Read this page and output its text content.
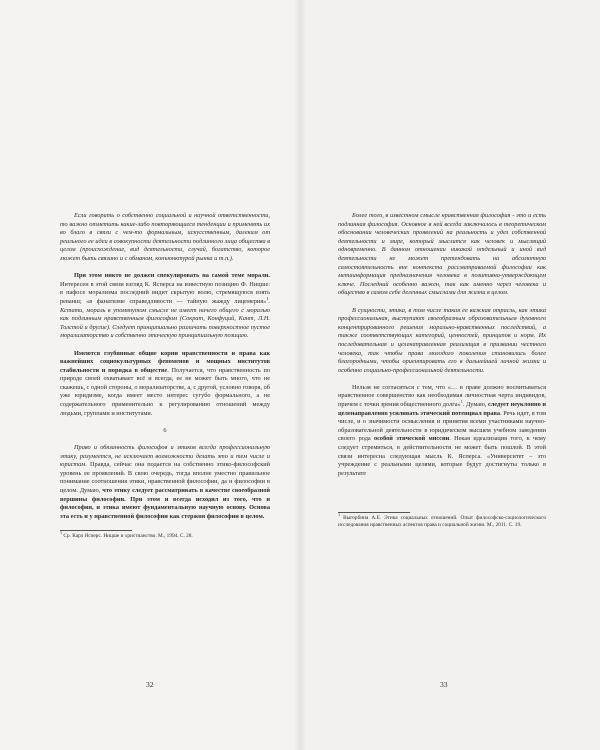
Если говорить о собственно социальной и научной ответственности, то важно отметить какие-либо повторяющиеся тенденции и применять их во благо в связи с чем-то формальным, искусственным, далеким от реального ее идеи в совокупности деятельности подлинного лица общества в целом (происхождение, вид деятельности, случай, богатство, которое может быть связано и с обманом, конъюнктурой рынка и т.п.).

При этом никто не должен спекулировать на самой теме морали. Интересен в этой связи взгляд К. Ясперса на известную позицию Ф. Ницше: в пафосе морализма последний видит скрытую волю, стремящуюся взять реванш; «в фанатизме справедливости — тайную жажду лицемерия»$^1$. Кстати, мораль в упомянутом смысле не имеет ничего общего с моралью как подлинным нравственным философом (Сократ, Конфуций, Кант, Л.Н. Толстой и другие). Следует принципиально различать поверхностное пустое морализаторство и собственно этическую принципиальную позицию.

Имеются глубинные общие корни нравственности и права как важнейших социокультурных феноменов и мощных институтов стабильности и порядка в обществе. Получается, что нравственность по природе своей охватывает всё и всегда, ее не может быть много, что не скажешь, с одной стороны, о морализаторстве, а, с другой, условно говоря, об уже юридизме, когда имеет место интерес сугубо формального, а не содержательного применительно к регулированию отношений между людьми, группами и институтами.

6

Право и обязанность философов и этиков всегда профессиональную этику, разумеется, не исключает возможности делать это и тем числе и юристам. Правда, сейчас она подается на собственно этико-философский уровень ее проявлений. В свою очередь, тогда вполне уместно правильное понимание соотношения этики, нравственной философии, да и философии в целом. Думаю, что этику следует рассматривать в качестве своеобразной вершины философии. При этом и всегда исходил из того, что и философия, и этика имеют фундаментальную научную основу. Основа эта есть и у нравственной философии как стержня философии в целом.

$^1$ Ср. Карл Ясперс. Ницше и христианство. М., 1994. С. 28.
32

Более того, в известном смысле нравственная философия - это и есть подлинная философия. Основное в ней всегда заключалось в теоретическом обосновании человеческих проявлений на реальность и удел собственной деятельности и мире, который мыслится как человек и мыслящий одновременно. В данном отношении никакой отдельный и иной вид деятельности не может претендовать на абсолютную самостоятельность вне контекста рассматриваемой философии как метаинформация предназначения человека в позитивно-утверждающем ключе. Последний особенно важен, так как именно через человека и общество в самом себе деленных смыслами для жизни в целом.

В сущности, этика, в том числе такая ее важная отрасль, как этика профессиональная, выступают своеобразным образовательным духовного концентрированного решения морально-нравственных последствий, а также соответствующих категорий, ценностей, принципов и норм. Их последовательная и целенаправленная реализация в призвании честного человека, так чтобы права молодого поколения становились более благородными, чтобы ориентировать его в дальнейшей личной жизни и особенно социально-профессиональной деятельности.

Нельзя не согласиться с тем, что «… в праве должно воспитываться нравственное совершенство как необходимая личностная черта индивидов, причем с точки зрения общественного долга»$^1$. Думаю, следует неуклонно и целенаправленно усиливать этический потенциал права. Речь идет, в том числе, и о значимости осмысления и принятия всеми участниками научно-образовательной деятельности в юридическом высшем учебном заведении своего рода особой этической миссии. Некая идеализация того, к чему следует стремиться, в действительности не может быть пошлой. В этой связи интересна следующая мысль К. Ясперса. «Университет – это учреждение с реальными целями, которые будут достигнуты только в результате

$^1$ Выгорбина А.Е. Этика социальных отношений. Опыт философско-социологического исследования нравственных аспектов права и социальной жизни. М., 2011. С. 19.
33
